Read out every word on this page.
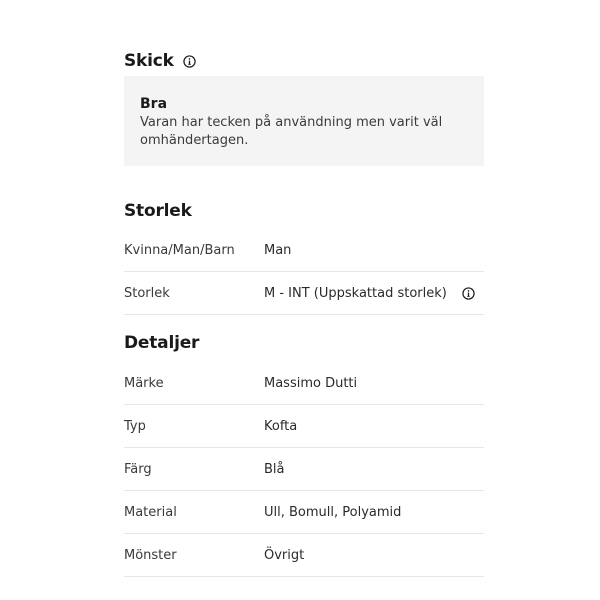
Skick
Bra
Varan har tecken på användning men varit väl omhändertagen.
Storlek
Kvinna/Man/Barn	Man
Storlek	M - INT (Uppskattad storlek)
Detaljer
Märke	Massimo Dutti
Typ	Kofta
Färg	Blå
Material	Ull, Bomull, Polyamid
Mönster	Övrigt
